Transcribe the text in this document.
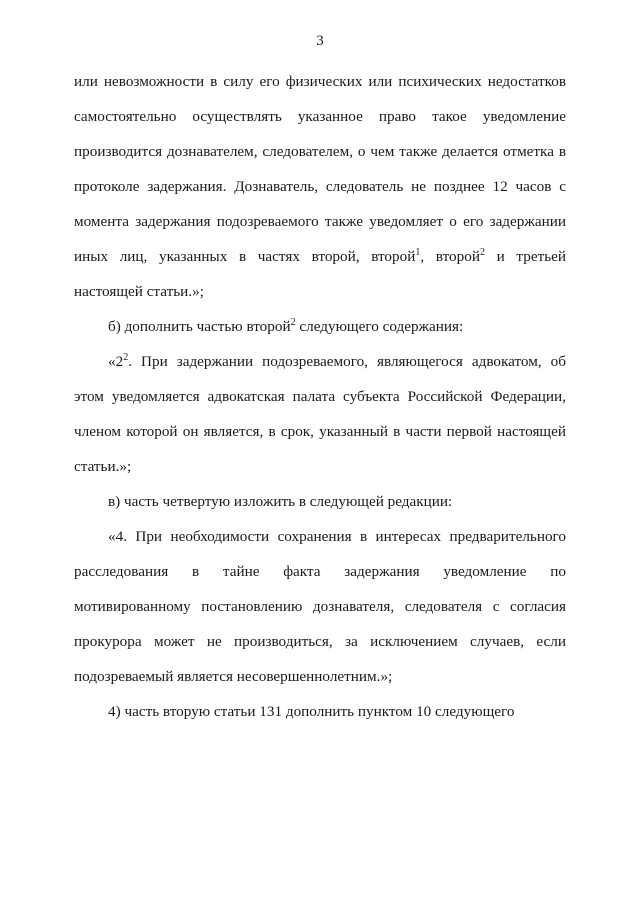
3

или невозможности в силу его физических или психических недостатков самостоятельно осуществлять указанное право такое уведомление производится дознавателем, следователем, о чем также делается отметка в протоколе задержания. Дознаватель, следователь не позднее 12 часов с момента задержания подозреваемого также уведомляет о его задержании иных лиц, указанных в частях второй, второй$^1$, второй$^2$ и третьей настоящей статьи.»;

б) дополнить частью второй$^2$ следующего содержания:

«$2^2$. При задержании подозреваемого, являющегося адвокатом, об этом уведомляется адвокатская палата субъекта Российской Федерации, членом которой он является, в срок, указанный в части первой настоящей статьи.»;

в) часть четвертую изложить в следующей редакции:

«4. При необходимости сохранения в интересах предварительного расследования в тайне факта задержания уведомление по мотивированному постановлению дознавателя, следователя с согласия прокурора может не производиться, за исключением случаев, если подозреваемый является несовершеннолетним.»;

4) часть вторую статьи 131 дополнить пунктом 10 следующего
